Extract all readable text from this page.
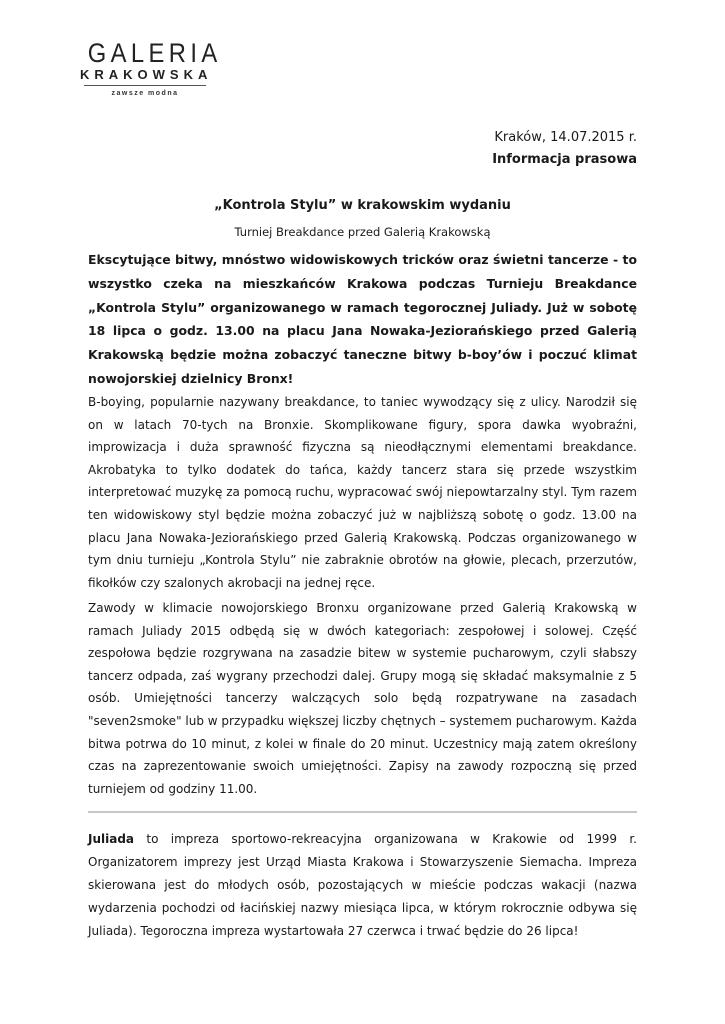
GALERIA
KRAKOWSKA
zawsze modna
Kraków, 14.07.2015 r.
Informacja prasowa
„Kontrola Stylu” w krakowskim wydaniu
Turniej Breakdance przed Galerią Krakowską

Ekscytujące bitwy, mnóstwo widowiskowych tricków oraz świetni tancerze - to wszystko czeka na mieszkańców Krakowa podczas Turnieju Breakdance „Kontrola Stylu” organizowanego w ramach tegorocznej Juliady. Już w sobotę 18 lipca o godz. 13.00 na placu Jana Nowaka-Jeziorańskiego przed Galerią Krakowską będzie można zobaczyć taneczne bitwy b-boy’ów i poczuć klimat nowojorskiej dzielnicy Bronx!

B-boying, popularnie nazywany breakdance, to taniec wywodzący się z ulicy. Narodził się on w latach 70-tych na Bronxie. Skomplikowane figury, spora dawka wyobraźni, improwizacja i duża sprawność fizyczna są nieodłącznymi elementami breakdance. Akrobatyka to tylko dodatek do tańca, każdy tancerz stara się przede wszystkim interpretować muzykę za pomocą ruchu, wypracować swój niepowtarzalny styl. Tym razem ten widowiskowy styl będzie można zobaczyć już w najbliższą sobotę o godz. 13.00 na placu Jana Nowaka-Jeziorańskiego przed Galerią Krakowską. Podczas organizowanego w tym dniu turnieju „Kontrola Stylu” nie zabraknie obrotów na głowie, plecach, przerzutów, fikołków czy szalonych akrobacji na jednej ręce.

Zawody w klimacie nowojorskiego Bronxu organizowane przed Galerią Krakowską w ramach Juliady 2015 odbędą się w dwóch kategoriach: zespołowej i solowej. Część zespołowa będzie rozgrywana na zasadzie bitew w systemie pucharowym, czyli słabszy tancerz odpada, zaś wygrany przechodzi dalej. Grupy mogą się składać maksymalnie z 5 osób. Umiejętności tancerzy walczących solo będą rozpatrywane na zasadach "seven2smoke" lub w przypadku większej liczby chętnych – systemem pucharowym. Każda bitwa potrwa do 10 minut, z kolei w finale do 20 minut. Uczestnicy mają zatem określony czas na zaprezentowanie swoich umiejętności. Zapisy na zawody rozpoczną się przed turniejem od godziny 11.00.

Juliada to impreza sportowo-rekreacyjna organizowana w Krakowie od 1999 r. Organizatorem imprezy jest Urząd Miasta Krakowa i Stowarzyszenie Siemacha. Impreza skierowana jest do młodych osób, pozostających w mieście podczas wakacji (nazwa wydarzenia pochodzi od łacińskiej nazwy miesiąca lipca, w którym rokrocznie odbywa się Juliada). Tegoroczna impreza wystartowała 27 czerwca i trwać będzie do 26 lipca!
